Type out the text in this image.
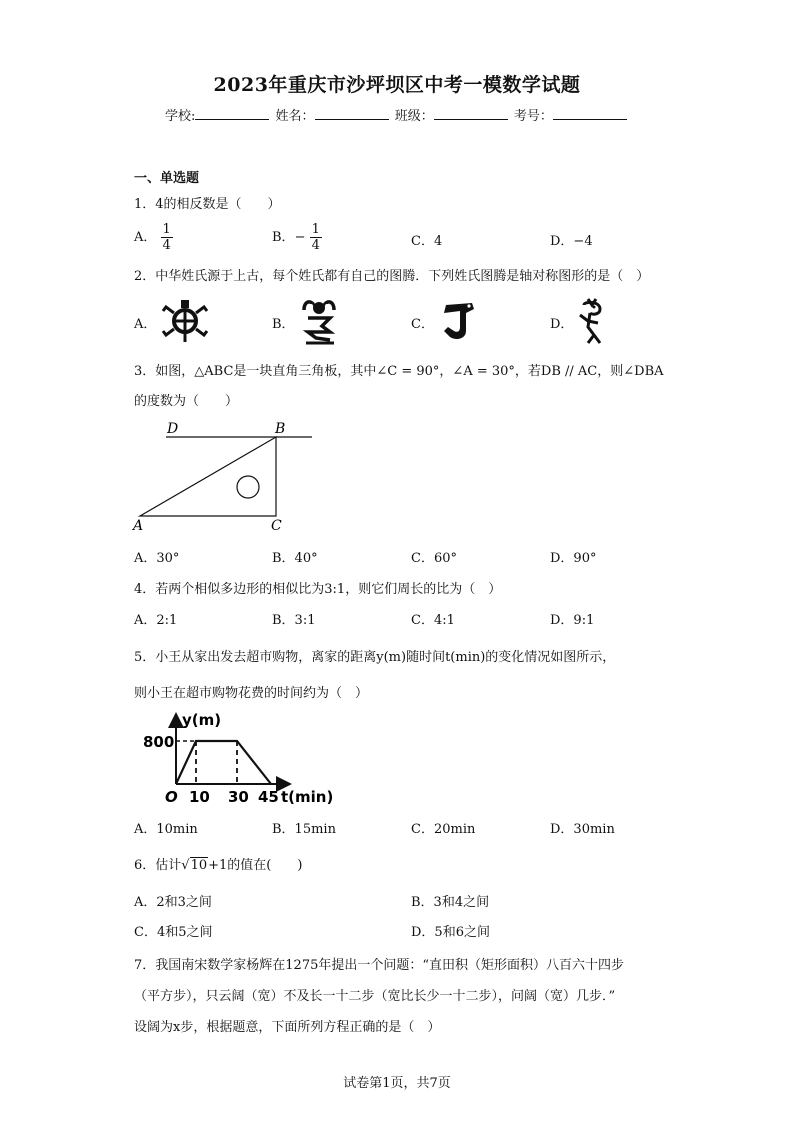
2023年重庆市沙坪坝区中考一模数学试题
学校:	姓名：	班级：	考号：
一、单选题
1．4的相反数是（　　）
A． $\frac{1}{4}$	B．− $\frac{1}{4}$	C．4	D．−4
2．中华姓氏源于上古，每个姓氏都有自己的图腾．下列姓氏图腾是轴对称图形的是（　）
A．	B．	C．	D．
3．如图，△ABC是一块直角三角板，其中∠C = 90°，∠A = 30°，若DB // AC，则∠DBA
的度数为（　　）
D	B
A	C
A．30°	B．40°	C．60°	D．90°
4．若两个相似多边形的相似比为3:1，则它们周长的比为（　）
A．2:1	B．3:1	C．4:1	D．9:1
5．小王从家出发去超市购物，离家的距离y(m)随时间t(min)的变化情况如图所示，
则小王在超市购物花费的时间约为（　）
y(m)
800
O 10 30 45 t(min)
A．10min	B．15min	C．20min	D．30min
6．估计√10+1的值在(　　)
A．2和3之间	B．3和4之间
C．4和5之间	D．5和6之间
7．我国南宋数学家杨辉在1275年提出一个问题：“直田积（矩形面积）八百六十四步
（平方步），只云阔（宽）不及长一十二步（宽比长少一十二步），问阔（宽）几步．”
设阔为x步，根据题意，下面所列方程正确的是（　）
试卷第1页，共7页
